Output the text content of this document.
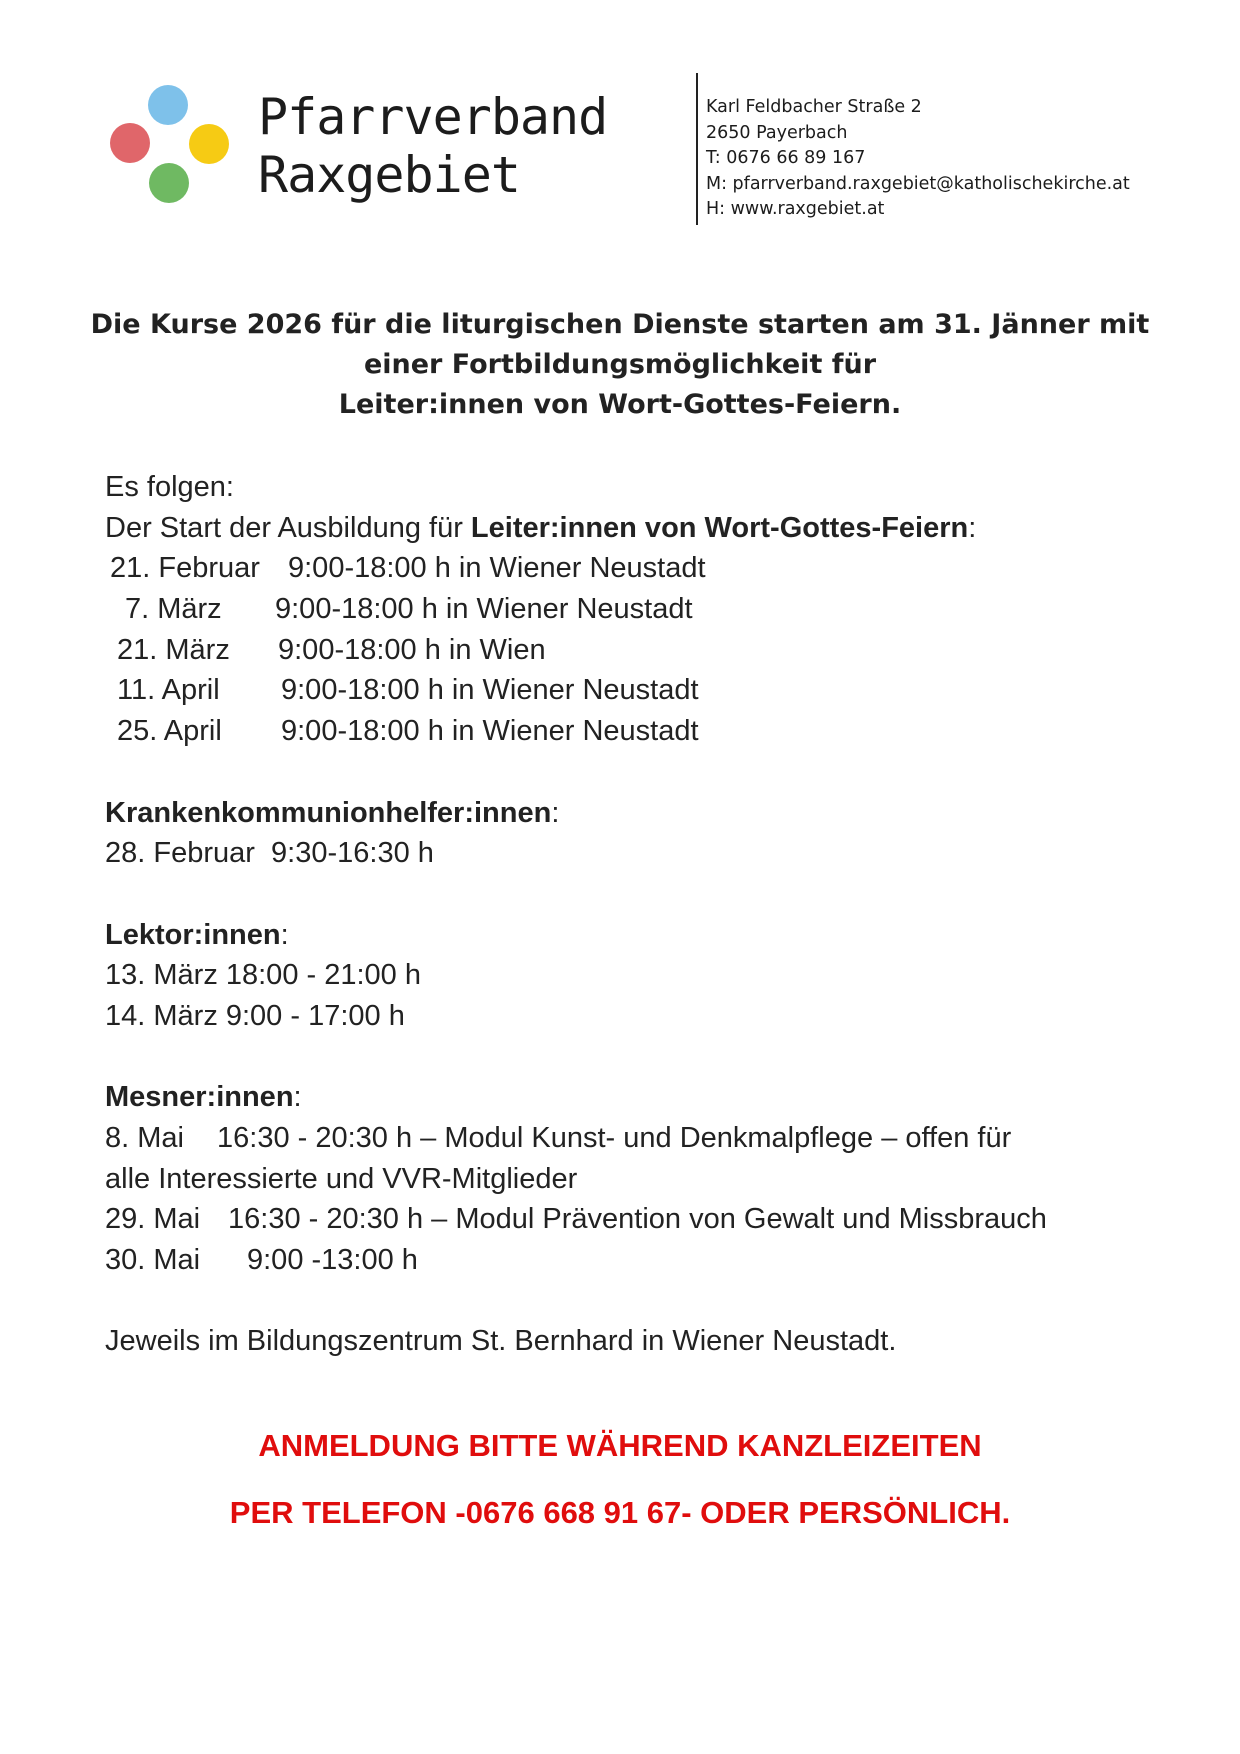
Pfarrverband
Raxgebiet
Karl Feldbacher Straße 2
2650 Payerbach
T: 0676 66 89 167
M: pfarrverband.raxgebiet@katholischekirche.at
H: www.raxgebiet.at
Die Kurse 2026 für die liturgischen Dienste starten am 31. Jänner mit
einer Fortbildungsmöglichkeit für
Leiter:innen von Wort-Gottes-Feiern.
Es folgen:
Der Start der Ausbildung für Leiter:innen von Wort-Gottes-Feiern:
21. Februar 9:00-18:00 h in Wiener Neustadt
7. März 9:00-18:00 h in Wiener Neustadt
21. März 9:00-18:00 h in Wien
11. April 9:00-18:00 h in Wiener Neustadt
25. April 9:00-18:00 h in Wiener Neustadt
Krankenkommunionhelfer:innen:
28. Februar  9:30-16:30 h
Lektor:innen:
13. März 18:00 - 21:00 h
14. März 9:00 - 17:00 h
Mesner:innen:
8. Mai 16:30 - 20:30 h – Modul Kunst- und Denkmalpflege – offen für
alle Interessierte und VVR-Mitglieder
29. Mai 16:30 - 20:30 h – Modul Prävention von Gewalt und Missbrauch
30. Mai 9:00 -13:00 h
Jeweils im Bildungszentrum St. Bernhard in Wiener Neustadt.
ANMELDUNG BITTE WÄHREND KANZLEIZEITEN
PER TELEFON -0676 668 91 67- ODER PERSÖNLICH.
